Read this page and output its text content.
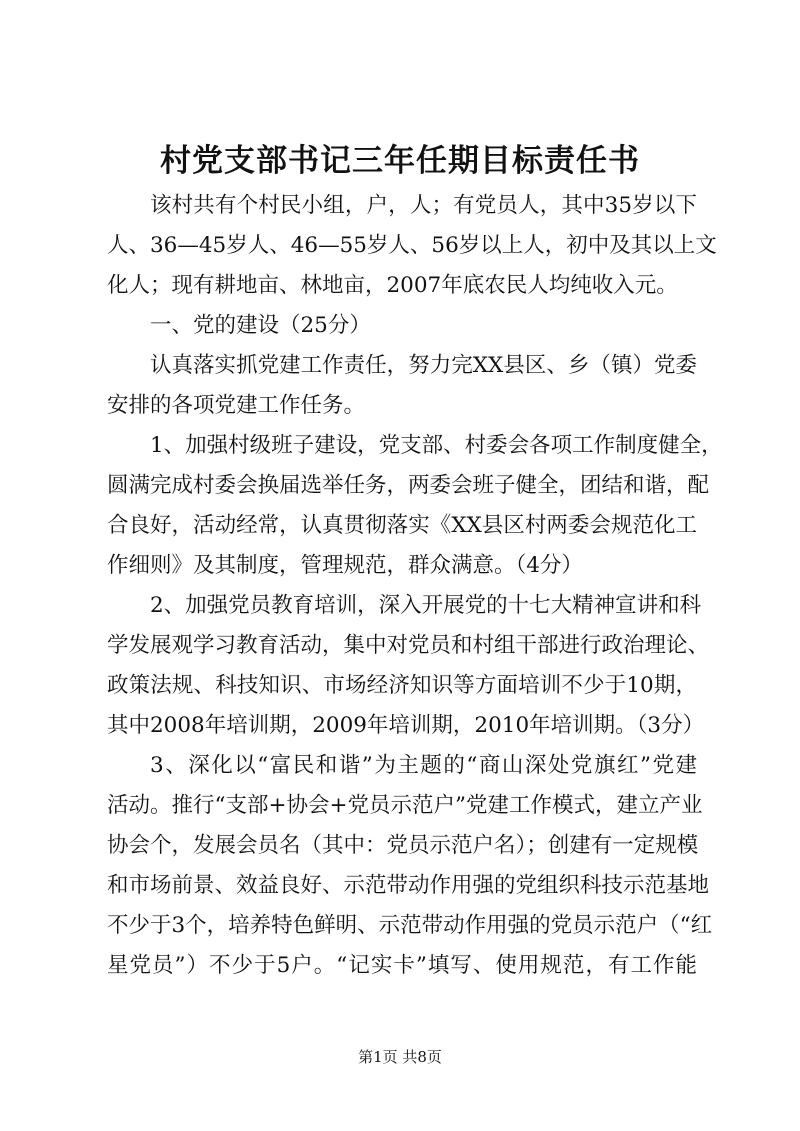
村党支部书记三年任期目标责任书
该村共有个村民小组，户，人；有党员人，其中35岁以下
人、36—45岁人、46—55岁人、56岁以上人，初中及其以上文
化人；现有耕地亩、林地亩，2007年底农民人均纯收入元。
一、党的建设（25分）
认真落实抓党建工作责任，努力完XX县区、乡（镇）党委
安排的各项党建工作任务。
1、加强村级班子建设，党支部、村委会各项工作制度健全，
圆满完成村委会换届选举任务，两委会班子健全，团结和谐，配
合良好，活动经常，认真贯彻落实《XX县区村两委会规范化工
作细则》及其制度，管理规范，群众满意。（4分）
2、加强党员教育培训，深入开展党的十七大精神宣讲和科
学发展观学习教育活动，集中对党员和村组干部进行政治理论、
政策法规、科技知识、市场经济知识等方面培训不少于10期，
其中2008年培训期，2009年培训期，2010年培训期。（3分）
3、深化以“富民和谐”为主题的“商山深处党旗红”党建
活动。推行“支部+协会+党员示范户”党建工作模式，建立产业
协会个，发展会员名（其中：党员示范户名）；创建有一定规模
和市场前景、效益良好、示范带动作用强的党组织科技示范基地
不少于3个，培养特色鲜明、示范带动作用强的党员示范户（“红
星党员”）不少于5户。“记实卡”填写、使用规范，有工作能
第1页 共8页
